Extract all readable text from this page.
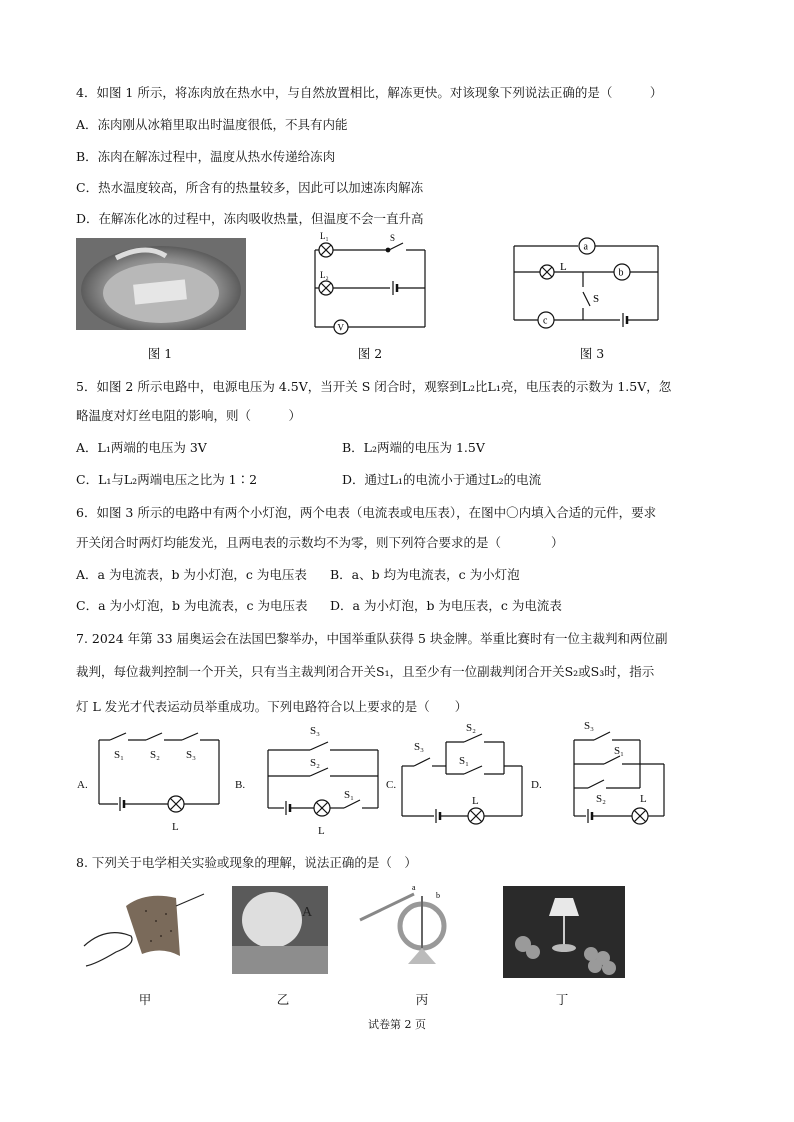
4．如图 1 所示，将冻肉放在热水中，与自然放置相比，解冻更快。对该现象下列说法正确的是（　　　）
A．冻肉刚从冰箱里取出时温度很低，不具有内能
B．冻肉在解冻过程中，温度从热水传递给冻肉
C．热水温度较高，所含有的热量较多，因此可以加速冻肉解冻
D．在解冻化冰的过程中，冻肉吸收热量，但温度不会一直升高
L₁
L₂
S
V
L
S
a
b
c
图 1	图 2	图 3
5．如图 2 所示电路中，电源电压为 4.5V，当开关 S 闭合时，观察到L₂比L₁亮，电压表的示数为 1.5V，忽
略温度对灯丝电阻的影响，则（　　　）
A．L₁两端的电压为 3V	B．L₂两端的电压为 1.5V
C．L₁与L₂两端电压之比为 1∶2	D．通过L₁的电流小于通过L₂的电流
6．如图 3 所示的电路中有两个小灯泡，两个电表（电流表或电压表），在图中〇内填入合适的元件，要求
开关闭合时两灯均能发光，且两电表的示数均不为零，则下列符合要求的是（　　　　）
A．a 为电流表，b 为小灯泡，c 为电压表 B．a、b 均为电流表，c 为小灯泡
C．a 为小灯泡，b 为电流表，c 为电压表 D．a 为小灯泡，b 为电压表，c 为电流表
7. 2024 年第 33 届奥运会在法国巴黎举办，中国举重队获得 5 块金牌。举重比赛时有一位主裁判和两位副
裁判，每位裁判控制一个开关，只有当主裁判闭合开关S₁，且至少有一位副裁判闭合开关S₂或S₃时，指示
灯 L 发光才代表运动员举重成功。下列电路符合以上要求的是（　　）
A.
S₁ S₂ S₃
L
B.
S₃
S₂
S₁
L
C.
S₃
S₂
S₁
L
D.
S₃
S₁
S₂	L
8. 下列关于电学相关实验或现象的理解，说法正确的是（　）
A
a
b
甲	乙	丙	丁
试卷第 2 页
